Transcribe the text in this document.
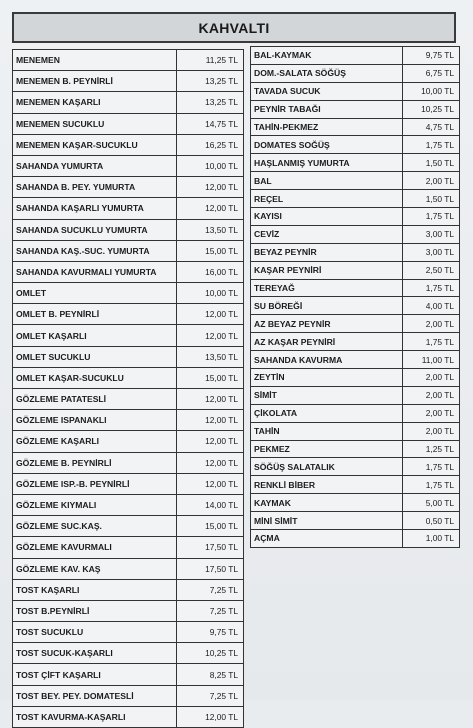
KAHVALTI
MENEMEN	11,25 TL
MENEMEN B. PEYNİRLİ	13,25 TL
MENEMEN KAŞARLI	13,25 TL
MENEMEN SUCUKLU	14,75 TL
MENEMEN KAŞAR-SUCUKLU	16,25 TL
SAHANDA YUMURTA	10,00 TL
SAHANDA B. PEY. YUMURTA	12,00 TL
SAHANDA KAŞARLI YUMURTA	12,00 TL
SAHANDA SUCUKLU YUMURTA	13,50 TL
SAHANDA KAŞ.-SUC. YUMURTA	15,00 TL
SAHANDA KAVURMALI YUMURTA	16,00 TL
OMLET	10,00 TL
OMLET B. PEYNİRLİ	12,00 TL
OMLET KAŞARLI	12,00 TL
OMLET SUCUKLU	13,50 TL
OMLET KAŞAR-SUCUKLU	15,00 TL
GÖZLEME PATATESLİ	12,00 TL
GÖZLEME ISPANAKLI	12,00 TL
GÖZLEME KAŞARLI	12,00 TL
GÖZLEME B. PEYNİRLİ	12,00 TL
GÖZLEME ISP.-B. PEYNİRLİ	12,00 TL
GÖZLEME KIYMALI	14,00 TL
GÖZLEME SUC.KAŞ.	15,00 TL
GÖZLEME KAVURMALI	17,50 TL
GÖZLEME KAV. KAŞ	17,50 TL
TOST KAŞARLI	7,25 TL
TOST B.PEYNİRLİ	7,25 TL
TOST SUCUKLU	9,75 TL
TOST SUCUK-KAŞARLI	10,25 TL
TOST ÇİFT KAŞARLI	8,25 TL
TOST BEY. PEY. DOMATESLİ	7,25 TL
TOST KAVURMA-KAŞARLI	12,00 TL
BAL-KAYMAK	9,75 TL
DOM.-SALATA SÖĞÜŞ	6,75 TL
TAVADA SUCUK	10,00 TL
PEYNİR TABAĞI	10,25 TL
TAHİN-PEKMEZ	4,75 TL
DOMATES SOĞÜŞ	1,75 TL
HAŞLANMIŞ YUMURTA	1,50 TL
BAL	2,00 TL
REÇEL	1,50 TL
KAYISI	1,75 TL
CEVİZ	3,00 TL
BEYAZ PEYNİR	3,00 TL
KAŞAR PEYNİRİ	2,50 TL
TEREYAĞ	1,75 TL
SU BÖREĞİ	4,00 TL
AZ BEYAZ PEYNİR	2,00 TL
AZ KAŞAR PEYNİRİ	1,75 TL
SAHANDA KAVURMA	11,00 TL
ZEYTİN	2,00 TL
SİMİT	2,00 TL
ÇİKOLATA	2,00 TL
TAHİN	2,00 TL
PEKMEZ	1,25 TL
SÖĞÜŞ SALATALIK	1,75 TL
RENKLİ BİBER	1,75 TL
KAYMAK	5,00 TL
MİNİ SİMİT	0,50 TL
AÇMA	1,00 TL
